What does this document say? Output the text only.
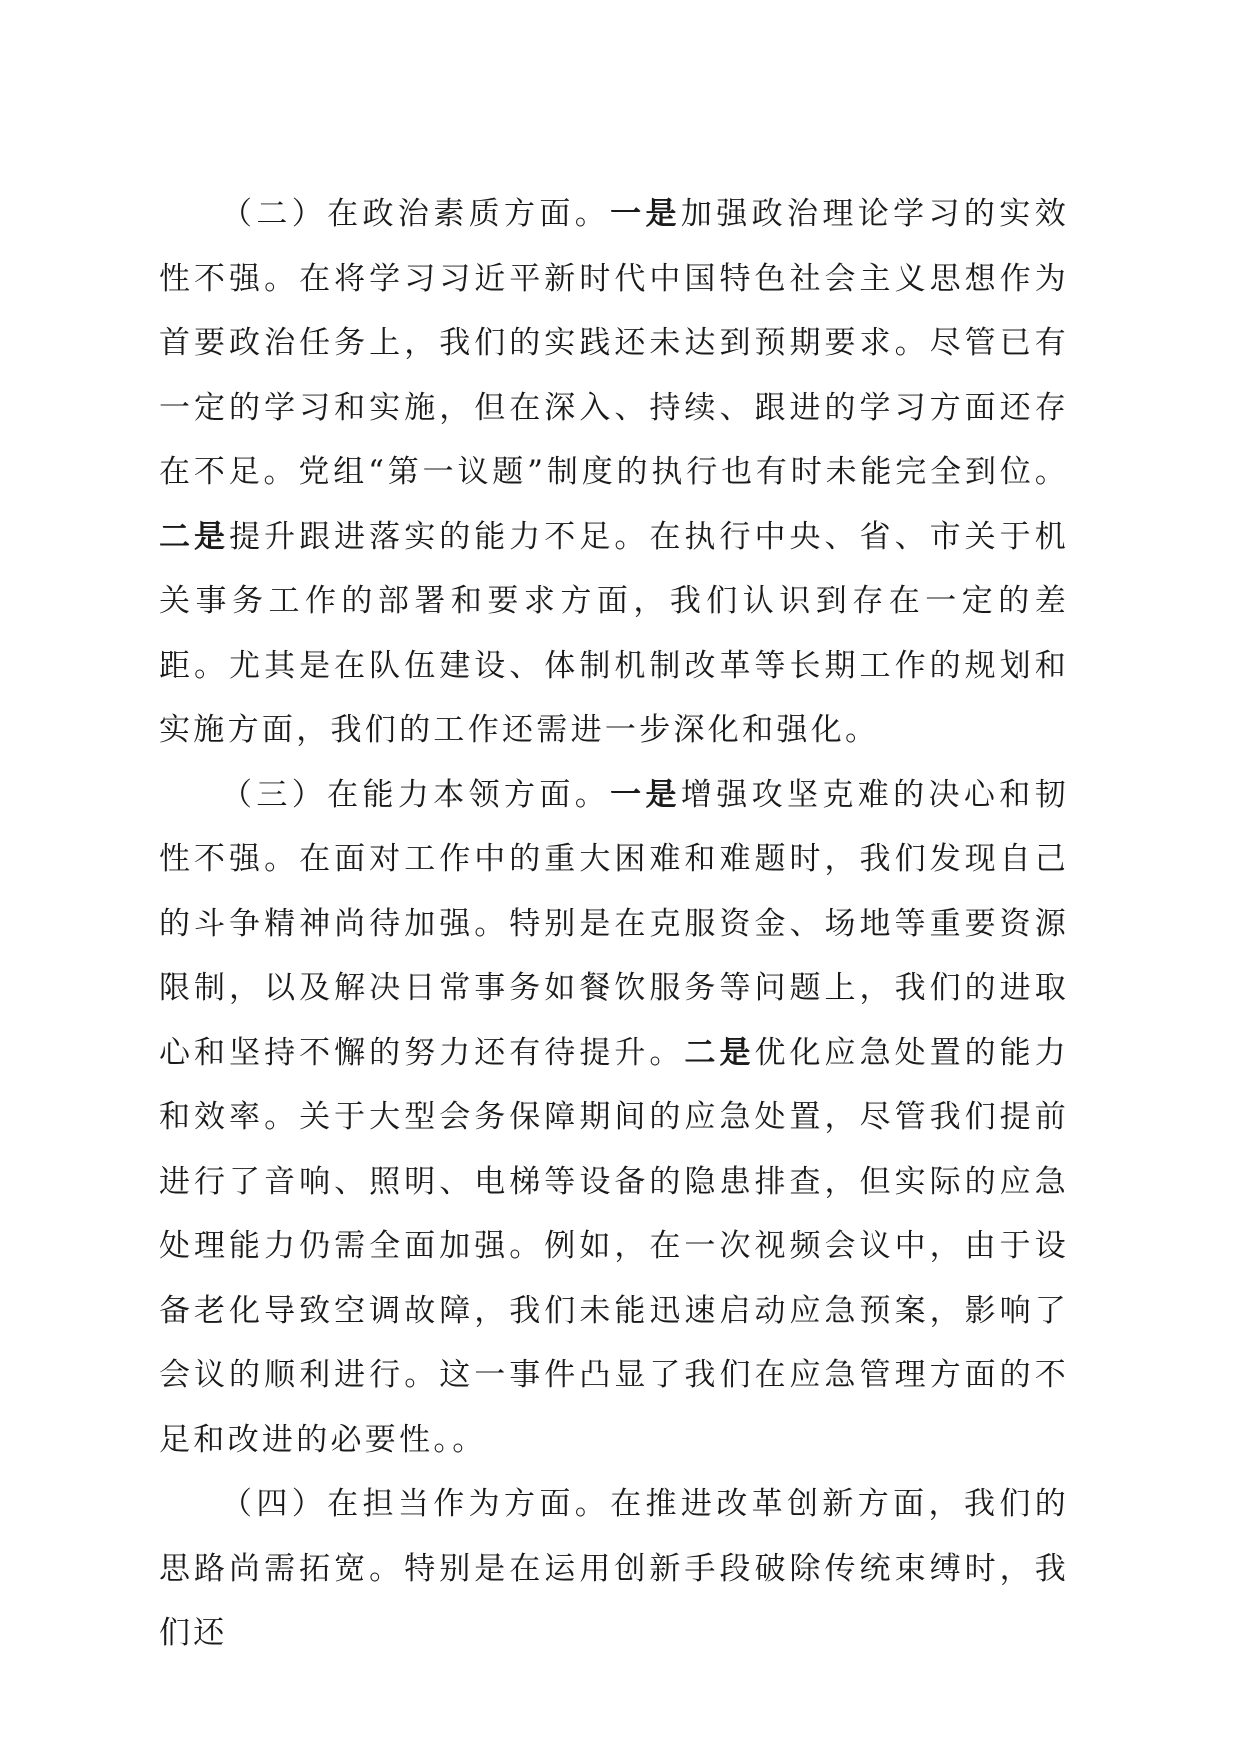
（二）在政治素质方面。一是加强政治理论学习的实效性不强。在将学习习近平新时代中国特色社会主义思想作为首要政治任务上，我们的实践还未达到预期要求。尽管已有一定的学习和实施，但在深入、持续、跟进的学习方面还存在不足。党组“第一议题”制度的执行也有时未能完全到位。二是提升跟进落实的能力不足。在执行中央、省、市关于机关事务工作的部署和要求方面，我们认识到存在一定的差距。尤其是在队伍建设、体制机制改革等长期工作的规划和实施方面，我们的工作还需进一步深化和强化。

（三）在能力本领方面。一是增强攻坚克难的决心和韧性不强。在面对工作中的重大困难和难题时，我们发现自己的斗争精神尚待加强。特别是在克服资金、场地等重要资源限制，以及解决日常事务如餐饮服务等问题上，我们的进取心和坚持不懈的努力还有待提升。二是优化应急处置的能力和效率。关于大型会务保障期间的应急处置，尽管我们提前进行了音响、照明、电梯等设备的隐患排查，但实际的应急处理能力仍需全面加强。例如，在一次视频会议中，由于设备老化导致空调故障，我们未能迅速启动应急预案，影响了会议的顺利进行。这一事件凸显了我们在应急管理方面的不足和改进的必要性。。

（四）在担当作为方面。在推进改革创新方面，我们的思路尚需拓宽。特别是在运用创新手段破除传统束缚时，我们还
